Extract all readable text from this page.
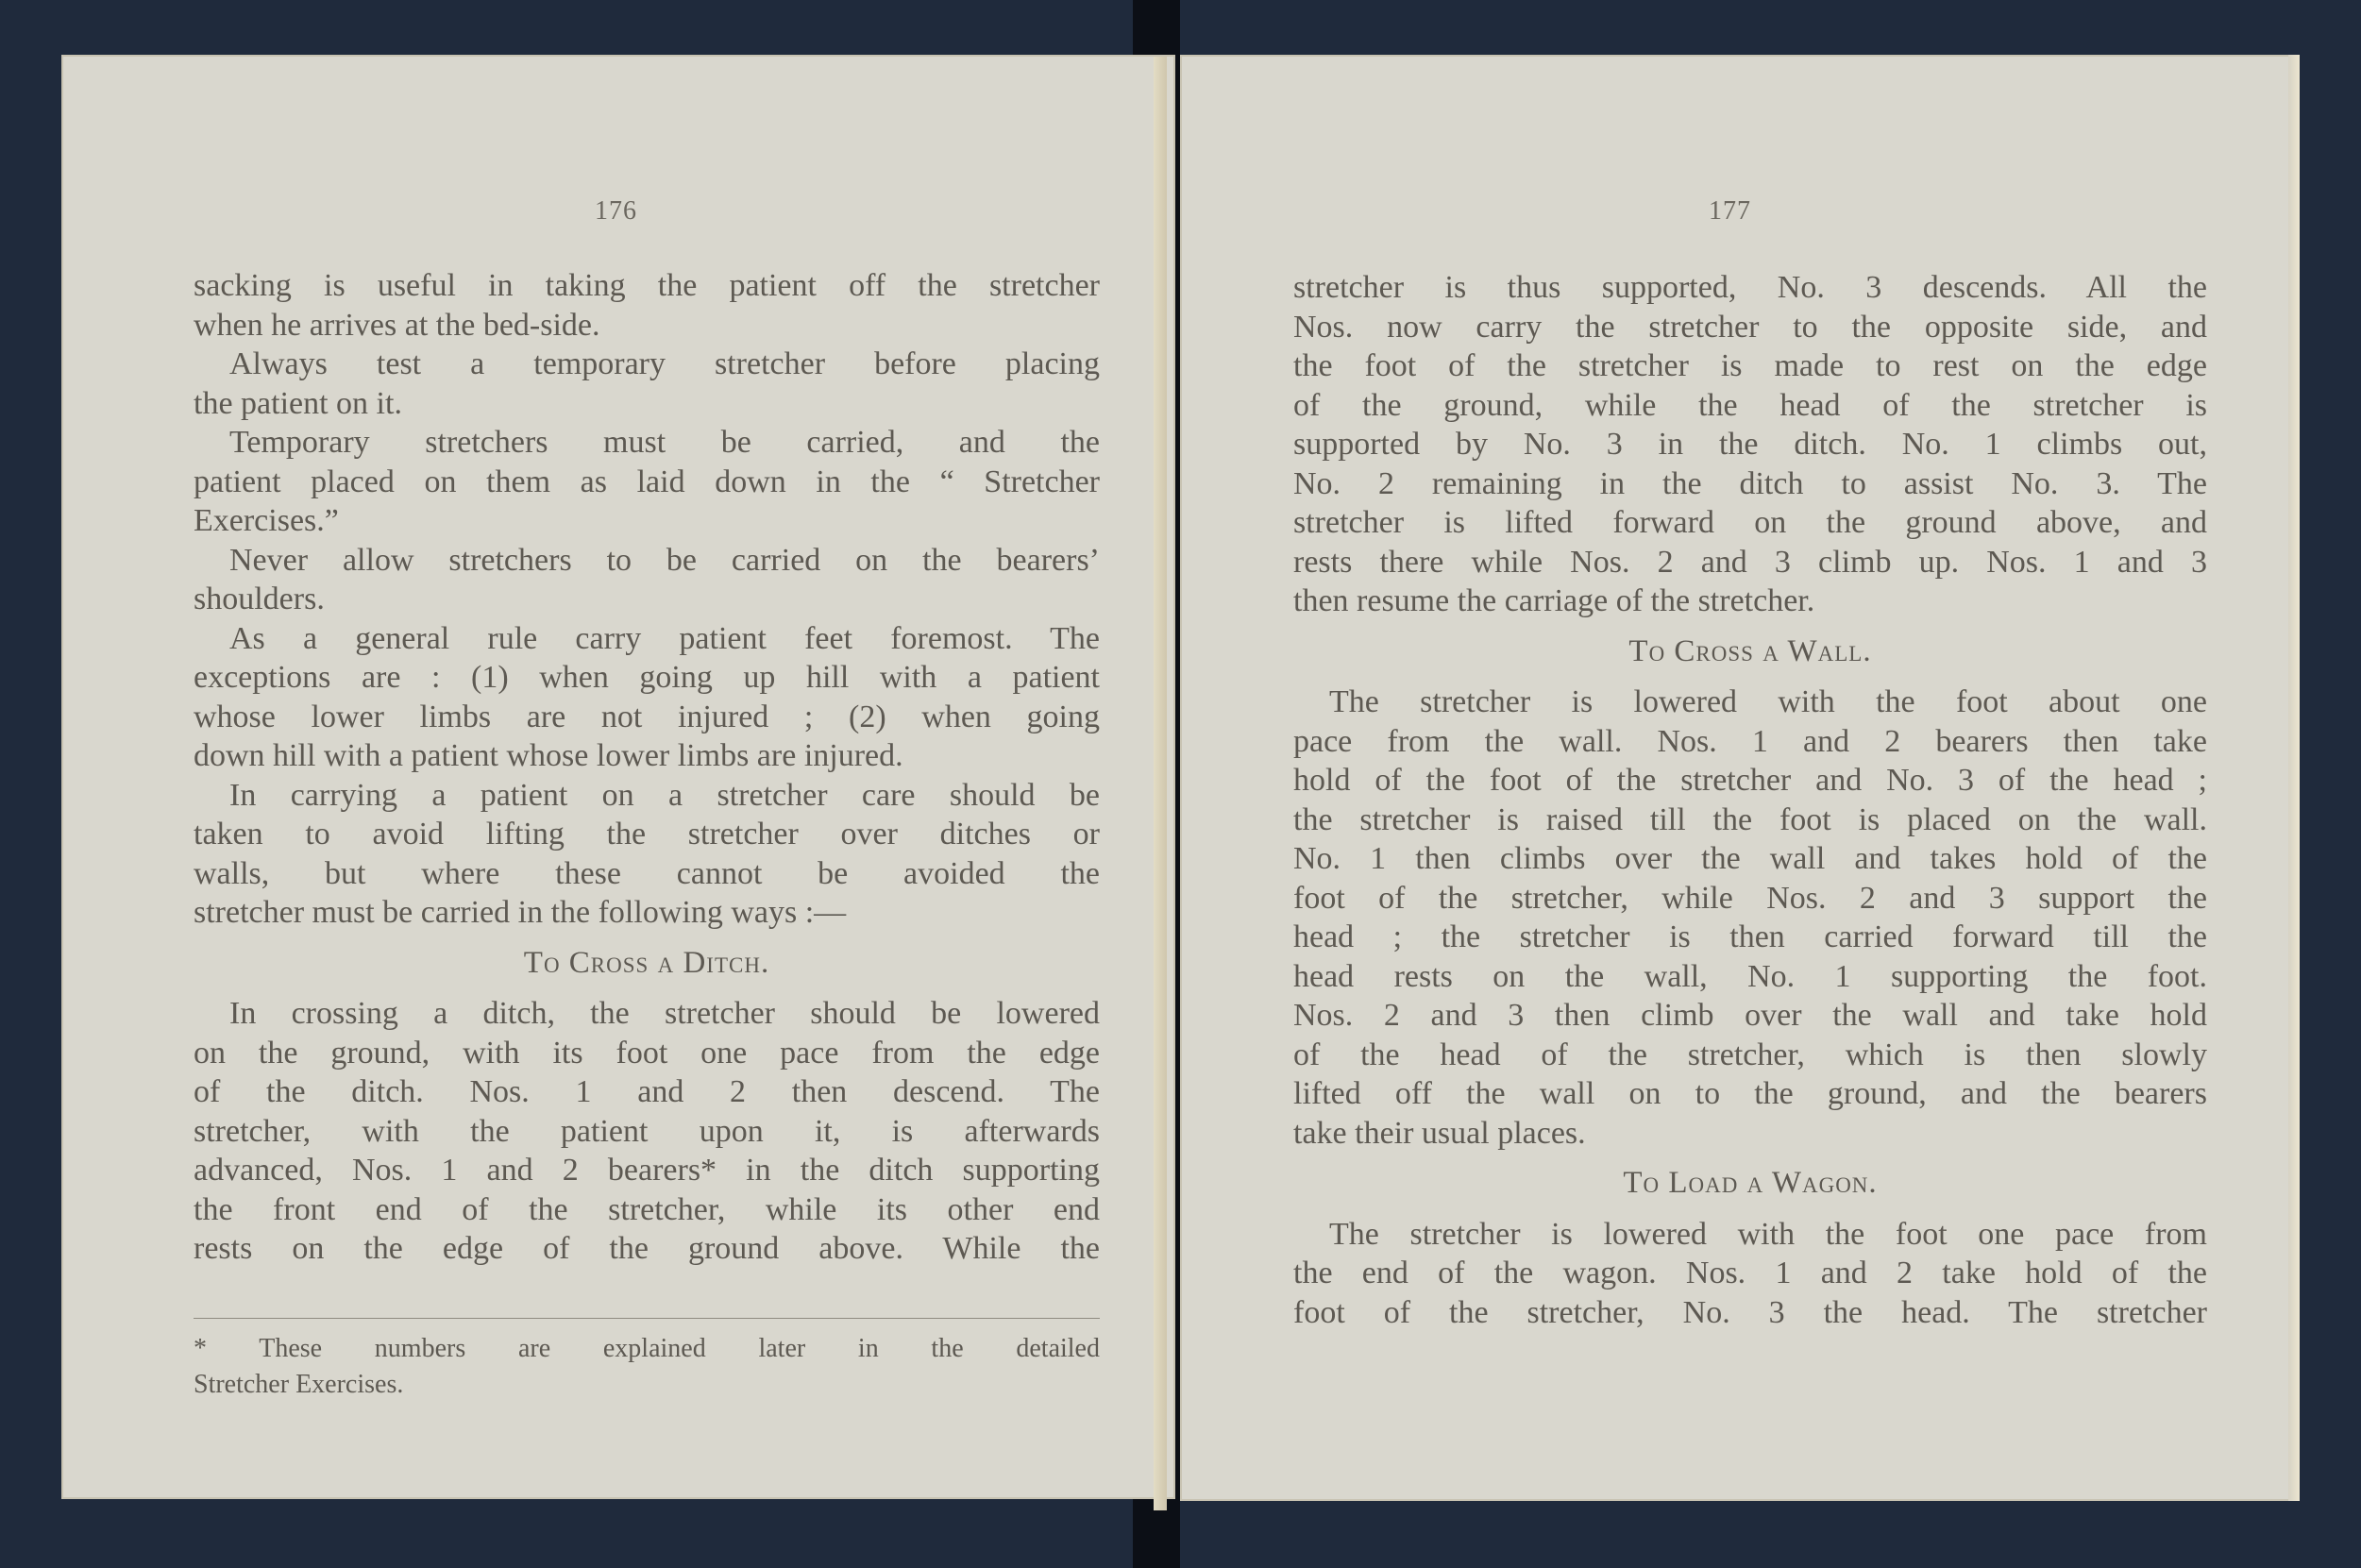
176
sacking is useful in taking the patient off the stretcher
when he arrives at the bed-side.
Always test a temporary stretcher before placing
the patient on it.
Temporary stretchers must be carried, and the
patient placed on them as laid down in the “ Stretcher
Exercises.”
Never allow stretchers to be carried on the bearers’
shoulders.
As a general rule carry patient feet foremost. The
exceptions are : (1) when going up hill with a patient
whose lower limbs are not injured ; (2) when going
down hill with a patient whose lower limbs are injured.
In carrying a patient on a stretcher care should be
taken to avoid lifting the stretcher over ditches or
walls, but where these cannot be avoided the
stretcher must be carried in the following ways :—
To Cross a Ditch.
In crossing a ditch, the stretcher should be lowered
on the ground, with its foot one pace from the edge
of the ditch. Nos. 1 and 2 then descend. The
stretcher, with the patient upon it, is afterwards
advanced, Nos. 1 and 2 bearers* in the ditch supporting
the front end of the stretcher, while its other end
rests on the edge of the ground above. While the
* These numbers are explained later in the detailed
Stretcher Exercises.
177
stretcher is thus supported, No. 3 descends. All the
Nos. now carry the stretcher to the opposite side, and
the foot of the stretcher is made to rest on the edge
of the ground, while the head of the stretcher is
supported by No. 3 in the ditch. No. 1 climbs out,
No. 2 remaining in the ditch to assist No. 3. The
stretcher is lifted forward on the ground above, and
rests there while Nos. 2 and 3 climb up. Nos. 1 and 3
then resume the carriage of the stretcher.
To Cross a Wall.
The stretcher is lowered with the foot about one
pace from the wall. Nos. 1 and 2 bearers then take
hold of the foot of the stretcher and No. 3 of the head ;
the stretcher is raised till the foot is placed on the wall.
No. 1 then climbs over the wall and takes hold of the
foot of the stretcher, while Nos. 2 and 3 support the
head ; the stretcher is then carried forward till the
head rests on the wall, No. 1 supporting the foot.
Nos. 2 and 3 then climb over the wall and take hold
of the head of the stretcher, which is then slowly
lifted off the wall on to the ground, and the bearers
take their usual places.
To Load a Wagon.
The stretcher is lowered with the foot one pace from
the end of the wagon. Nos. 1 and 2 take hold of the
foot of the stretcher, No. 3 the head. The stretcher
